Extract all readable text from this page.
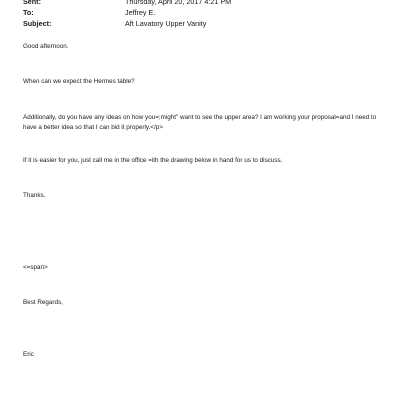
Sent:	Thursday, April 20, 2017 4:21 PM
To:	Jeffrey E.
Subject:	Aft Lavatory Upper Vanity

Good afternoon.

When can we expect the Hermes table?

Additionally, do you have any ideas on how you=;might" want to see the upper area? I am working your proposal=and I need to have a better idea so that I can bid it properly.</p>

If it is easier for you, just call me in the office =ith the drawing below in hand for us to discuss.

Thanks.

<=span>

Best Regards,

Eric
